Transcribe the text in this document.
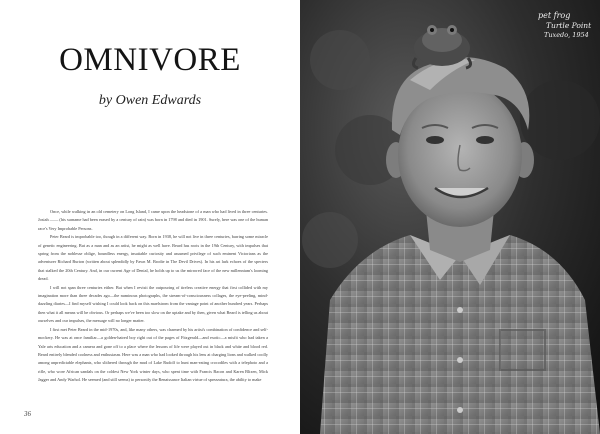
OMNIVORE
by Owen Edwards

Once, while walking in an old cemetery on Long Island, I came upon the headstone of a man who had lived in three centuries. Josiah —— (his surname had been erased by a century of rain) was born in 1798 and died in 1901. Surely, here was one of the human race's Very Improbable Persons.

Peter Beard is improbable too, though in a different way. Born in 1938, he will not live in three centuries, barring some miracle of genetic engineering. But as a man and as an artist, he might as well have. Beard has roots in the 19th Century, with impulses that spring from the noblesse oblige, boundless energy, insatiable curiosity and assumed privilege of such eminent Victorians as the adventurer Richard Burton (written about splendidly by Fawn M. Brodie in The Devil Drives). In his art lurk echoes of the specters that stalked the 20th Century. And, in our current Age of Denial, he holds up to us the mirrored face of the new millennium's looming dread.

I will not span three centuries either. But when I revisit the outpouring of tireless creative energy that first collided with my imagination more than three decades ago—the numinous photographs, the stream-of-consciousness collages, the eye-peeling, mind-dazzling diaries—I find myself wishing I could look back on this maelstrom from the vantage point of another hundred years. Perhaps then what it all means will be obvious. Or perhaps we've been too slow on the uptake and by then, given what Beard is telling us about ourselves and our impulses, the message will no longer matter.

I first met Peter Beard in the mid-1970s, and, like many others, was charmed by his artist's combination of confidence and self-mockery. He was at once familiar—a golden-haired boy right out of the pages of Fitzgerald—and exotic—a misfit who had taken a Yale arts education and a camera and gone off to a place where the lessons of life were played out in black and white and blood red. Beard entirely blended coolness and enthusiasm. Here was a man who had looked through his lens at charging lions and walked coolly among unpredictable elephants, who slithered through the mud of Lake Rudolf to hunt man-eating crocodiles with a telephoto and a rifle, who wore African sandals on the coldest New York winter days, who spent time with Francis Bacon and Karen Blixen, Mick Jagger and Andy Warhol. He seemed (and still seems) to personify the Renaissance Italian virtue of sprezzatura, the ability to make

36
pet frog
Turtle Point
Tuxedo, 1954
